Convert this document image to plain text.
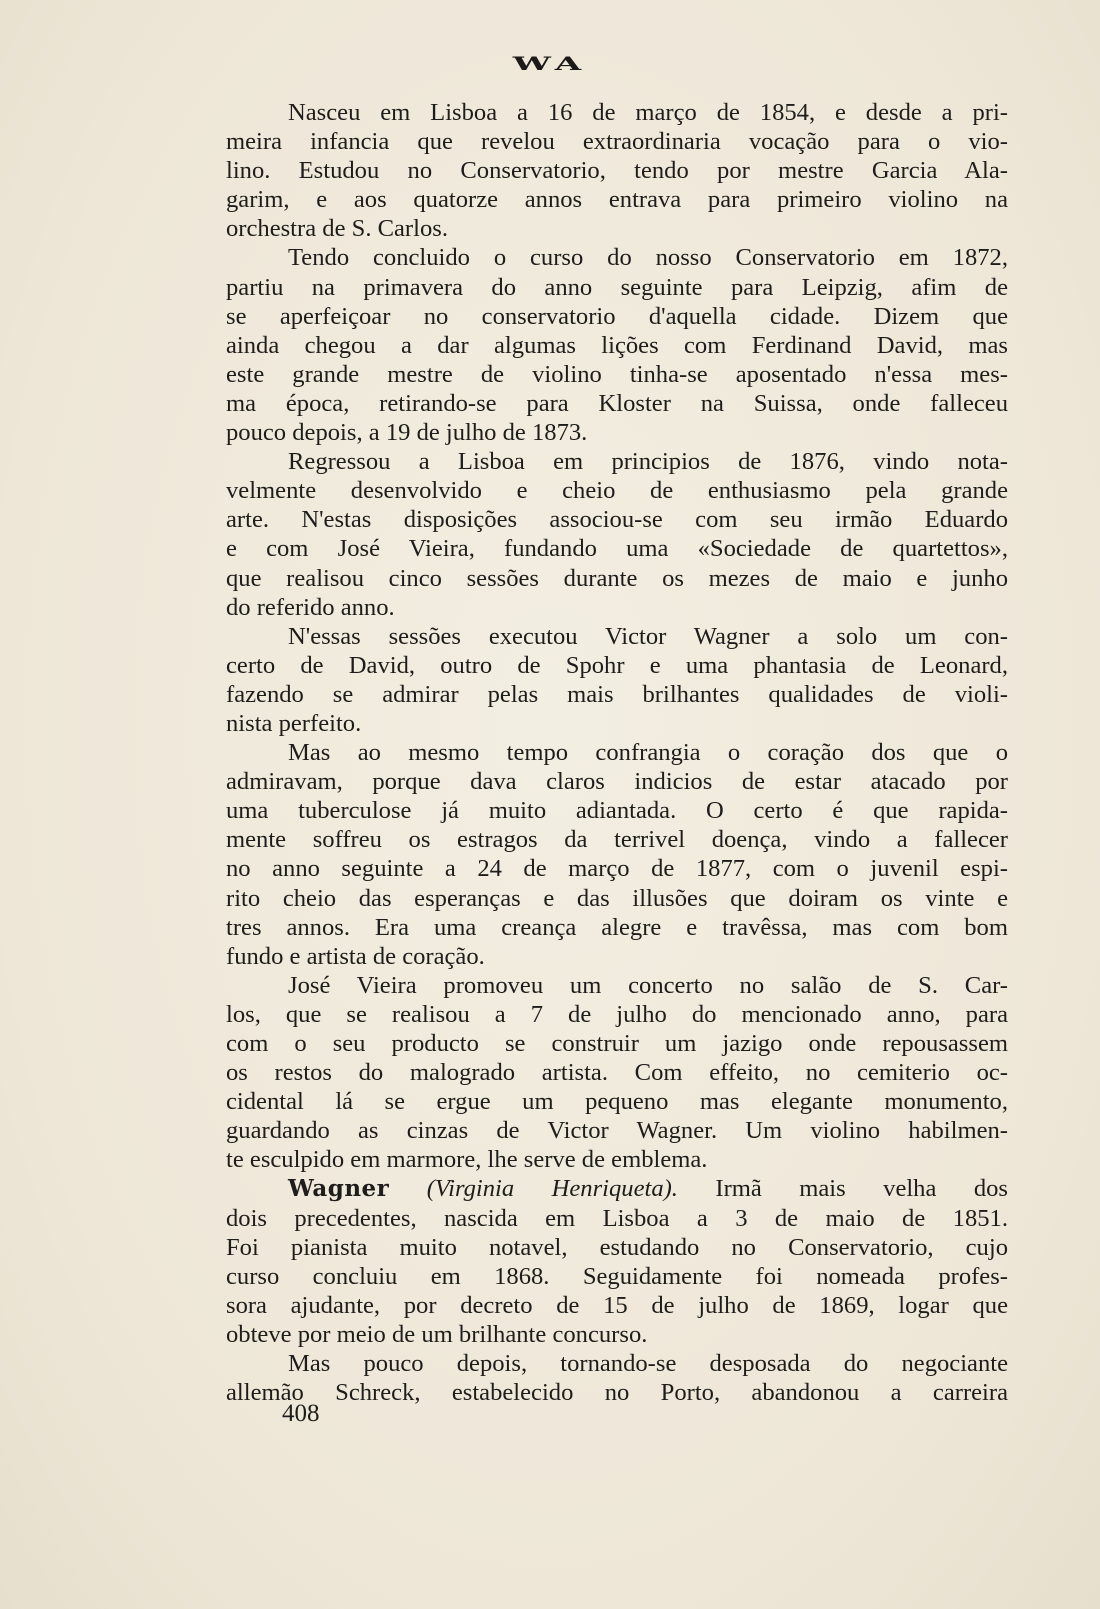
WA
Nasceu em Lisboa a 16 de março de 1854, e desde a pri-
meira infancia que revelou extraordinaria vocação para o vio-
lino. Estudou no Conservatorio, tendo por mestre Garcia Ala-
garim, e aos quatorze annos entrava para primeiro violino na
orchestra de S. Carlos.
Tendo concluido o curso do nosso Conservatorio em 1872,
partiu na primavera do anno seguinte para Leipzig, afim de
se aperfeiçoar no conservatorio d'aquella cidade. Dizem que
ainda chegou a dar algumas lições com Ferdinand David, mas
este grande mestre de violino tinha-se aposentado n'essa mes-
ma época, retirando-se para Kloster na Suissa, onde falleceu
pouco depois, a 19 de julho de 1873.
Regressou a Lisboa em principios de 1876, vindo nota-
velmente desenvolvido e cheio de enthusiasmo pela grande
arte. N'estas disposições associou-se com seu irmão Eduardo
e com José Vieira, fundando uma «Sociedade de quartettos»,
que realisou cinco sessões durante os mezes de maio e junho
do referido anno.
N'essas sessões executou Victor Wagner a solo um con-
certo de David, outro de Spohr e uma phantasia de Leonard,
fazendo se admirar pelas mais brilhantes qualidades de violi-
nista perfeito.
Mas ao mesmo tempo confrangia o coração dos que o
admiravam, porque dava claros indicios de estar atacado por
uma tuberculose já muito adiantada. O certo é que rapida-
mente soffreu os estragos da terrivel doença, vindo a fallecer
no anno seguinte a 24 de março de 1877, com o juvenil espi-
rito cheio das esperanças e das illusões que doiram os vinte e
tres annos. Era uma creança alegre e travêssa, mas com bom
fundo e artista de coração.
José Vieira promoveu um concerto no salão de S. Car-
los, que se realisou a 7 de julho do mencionado anno, para
com o seu producto se construir um jazigo onde repousassem
os restos do malogrado artista. Com effeito, no cemiterio oc-
cidental lá se ergue um pequeno mas elegante monumento,
guardando as cinzas de Victor Wagner. Um violino habilmen-
te esculpido em marmore, lhe serve de emblema.
Wagner (Virginia Henriqueta). Irmã mais velha dos
dois precedentes, nascida em Lisboa a 3 de maio de 1851.
Foi pianista muito notavel, estudando no Conservatorio, cujo
curso concluiu em 1868. Seguidamente foi nomeada profes-
sora ajudante, por decreto de 15 de julho de 1869, logar que
obteve por meio de um brilhante concurso.
Mas pouco depois, tornando-se desposada do negociante
allemão Schreck, estabelecido no Porto, abandonou a carreira
408
